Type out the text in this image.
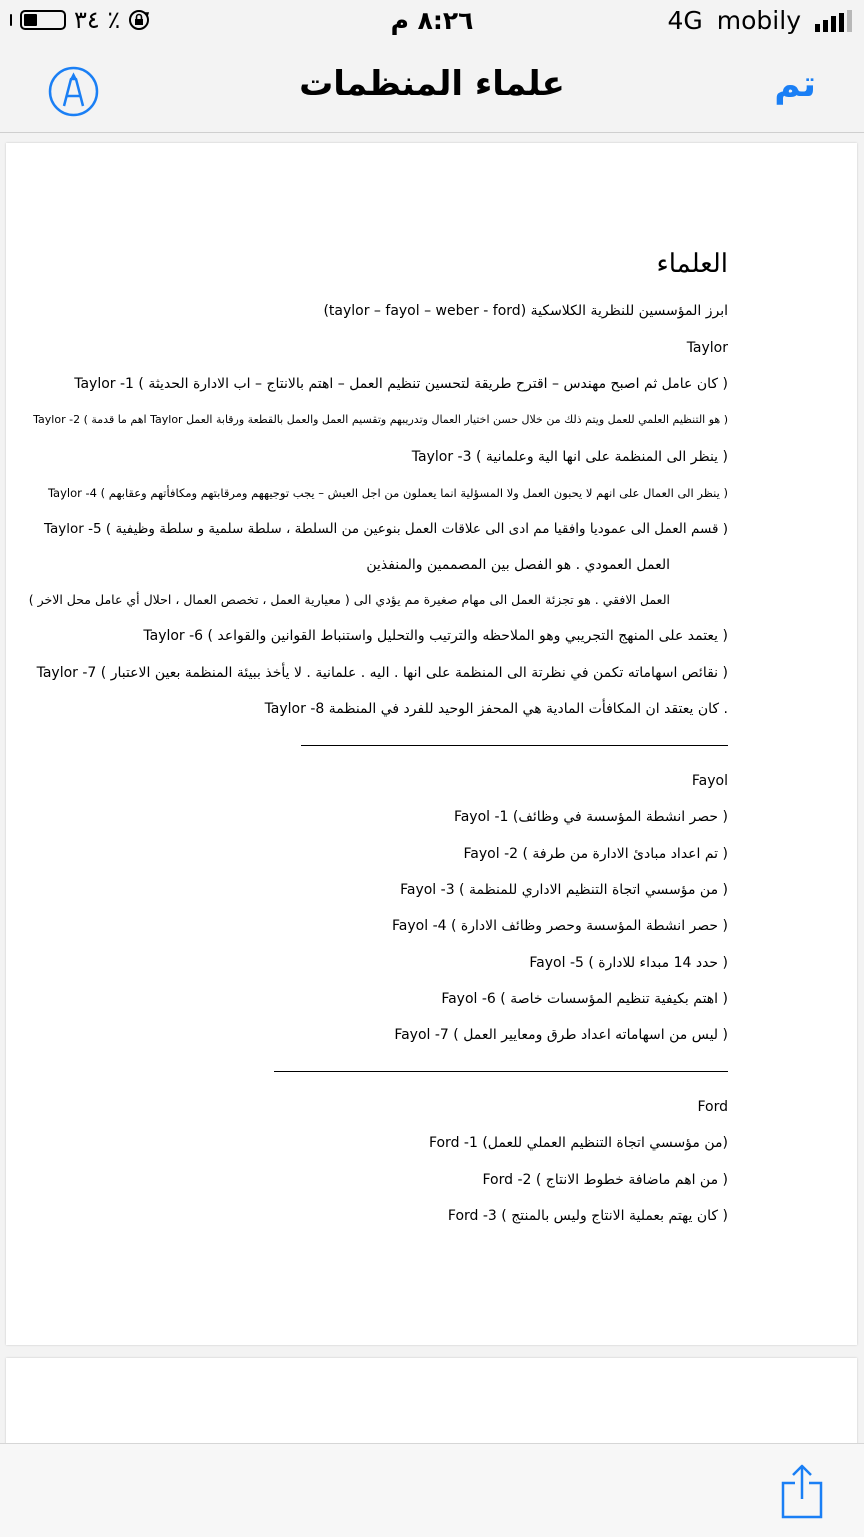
٣٤ ٪	٨:٢٦ م	4G mobily
علماء المنظمات	تم
العلماء
ابرز المؤسسين للنظرية الكلاسكية (taylor – fayol – weber - ford)
Taylor
Taylor -1 ( كان عامل ثم اصبح مهندس – اقترح طريقة لتحسين تنظيم العمل – اهتم بالانتاج – اب الادارة الحديثة )
Taylor -2 ( اهم ما قدمة Taylor هو التنظيم العلمي للعمل ويتم ذلك من خلال حسن اختيار العمال وتدريبهم وتقسيم العمل والعمل بالقطعة ورقابة العمل )
Taylor -3 ( ينظر الى المنظمة على انها الية وعلمانية )
Taylor -4 ( ينظر الى العمال على انهم لا يحبون العمل ولا المسؤلية انما يعملون من اجل العيش – يجب توجيههم ومرقابتهم ومكافأتهم وعقابهم )
Taylor -5 ( قسم العمل الى عموديا وافقيا مم ادى الى علاقات العمل بنوعين من السلطة ، سلطة سلمية و سلطة وظيفية )
العمل العمودي . هو الفصل بين المصممين والمنفذين
العمل الافقي . هو تجزئة العمل الى مهام صغيرة مم يؤدي الى ( معيارية العمل ، تخصص العمال ، احلال أي عامل محل الاخر )
Taylor -6 ( يعتمد على المنهج التجريبي وهو الملاحظه والترتيب والتحليل واستنباط القوانين والقواعد )
Taylor -7 ( نقائص اسهاماته تكمن في نظرتة الى المنظمة على انها . اليه . علمانية . لا يأخذ ببيئة المنظمة بعين الاعتبار )
Taylor -8 كان يعتقد ان المكافأت المادية هي المحفز الوحيد للفرد في المنظمة .
Fayol
Fayol -1 (حصر انشطة المؤسسة في وظائف )
Fayol -2 ( تم اعداد مبادئ الادارة من طرفة )
Fayol -3 ( من مؤسسي اتجاة التنظيم الاداري للمنظمة )
Fayol -4 ( حصر انشطة المؤسسة وحصر وظائف الادارة )
Fayol -5 ( حدد 14 مبداء للادارة )
Fayol -6 ( اهتم بكيفية تنظيم المؤسسات خاصة )
Fayol -7 ( ليس من اسهاماته اعداد طرق ومعايير العمل )
Ford
Ford -1 (من مؤسسي اتجاة التنظيم العملي للعمل)
Ford -2 ( من اهم ماضافة خطوط الانتاج )
Ford -3 ( كان يهتم بعملية الانتاج وليس بالمنتج )
